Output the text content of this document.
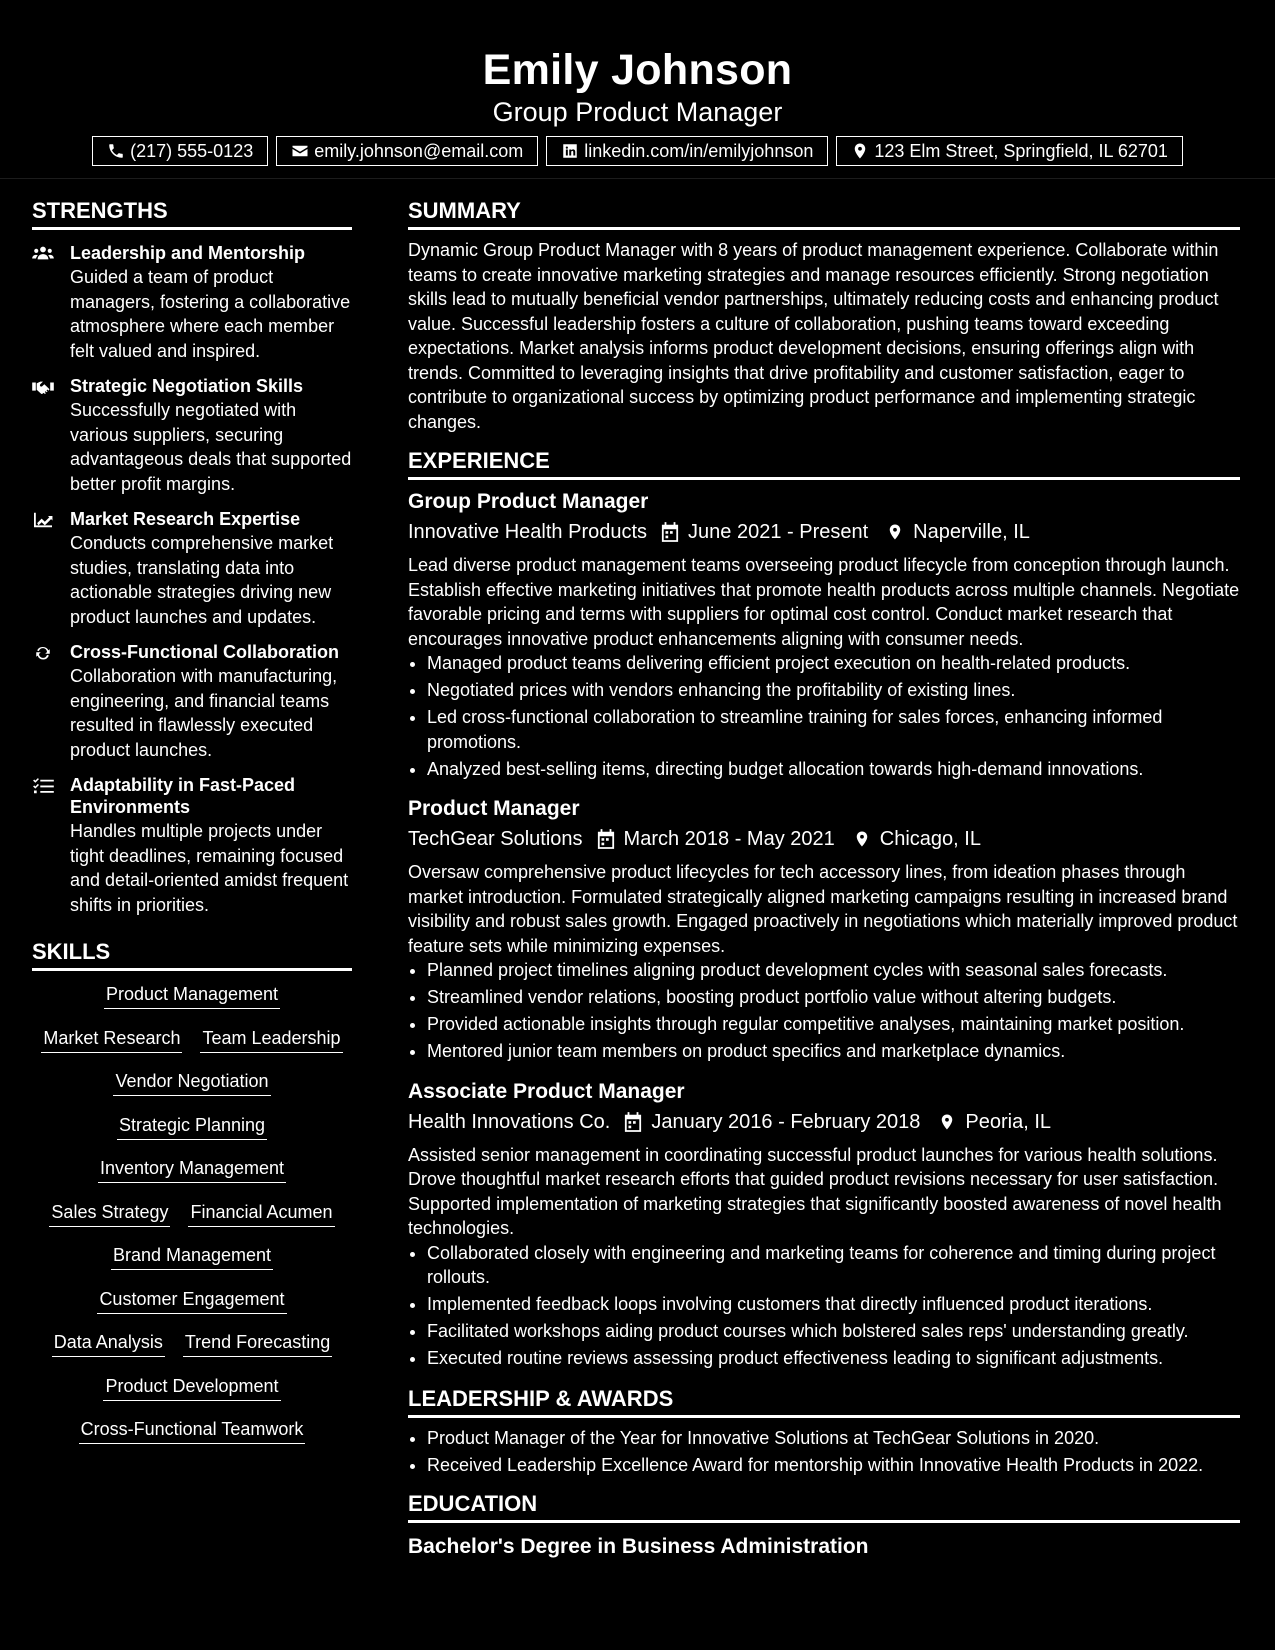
Emily Johnson
Group Product Manager
(217) 555-0123	emily.johnson@email.com	linkedin.com/in/emilyjohnson	123 Elm Street, Springfield, IL 62701
STRENGTHS
Leadership and Mentorship
Guided a team of product managers, fostering a collaborative atmosphere where each member felt valued and inspired.
Strategic Negotiation Skills
Successfully negotiated with various suppliers, securing advantageous deals that supported better profit margins.
Market Research Expertise
Conducts comprehensive market studies, translating data into actionable strategies driving new product launches and updates.
Cross-Functional Collaboration
Collaboration with manufacturing, engineering, and financial teams resulted in flawlessly executed product launches.
Adaptability in Fast-Paced Environments
Handles multiple projects under tight deadlines, remaining focused and detail-oriented amidst frequent shifts in priorities.
SKILLS
Product Management
Market Research Team Leadership
Vendor Negotiation
Strategic Planning
Inventory Management
Sales Strategy Financial Acumen
Brand Management
Customer Engagement
Data Analysis Trend Forecasting
Product Development
Cross-Functional Teamwork
SUMMARY
Dynamic Group Product Manager with 8 years of product management experience. Collaborate within teams to create innovative marketing strategies and manage resources efficiently. Strong negotiation skills lead to mutually beneficial vendor partnerships, ultimately reducing costs and enhancing product value. Successful leadership fosters a culture of collaboration, pushing teams toward exceeding expectations. Market analysis informs product development decisions, ensuring offerings align with trends. Committed to leveraging insights that drive profitability and customer satisfaction, eager to contribute to organizational success by optimizing product performance and implementing strategic changes.
EXPERIENCE
Group Product Manager
Innovative Health Products June 2021 - Present Naperville, IL
Lead diverse product management teams overseeing product lifecycle from conception through launch. Establish effective marketing initiatives that promote health products across multiple channels. Negotiate favorable pricing and terms with suppliers for optimal cost control. Conduct market research that encourages innovative product enhancements aligning with consumer needs.
• Managed product teams delivering efficient project execution on health-related products.
• Negotiated prices with vendors enhancing the profitability of existing lines.
• Led cross-functional collaboration to streamline training for sales forces, enhancing informed promotions.
• Analyzed best-selling items, directing budget allocation towards high-demand innovations.
Product Manager
TechGear Solutions March 2018 - May 2021 Chicago, IL
Oversaw comprehensive product lifecycles for tech accessory lines, from ideation phases through market introduction. Formulated strategically aligned marketing campaigns resulting in increased brand visibility and robust sales growth. Engaged proactively in negotiations which materially improved product feature sets while minimizing expenses.
• Planned project timelines aligning product development cycles with seasonal sales forecasts.
• Streamlined vendor relations, boosting product portfolio value without altering budgets.
• Provided actionable insights through regular competitive analyses, maintaining market position.
• Mentored junior team members on product specifics and marketplace dynamics.
Associate Product Manager
Health Innovations Co. January 2016 - February 2018 Peoria, IL
Assisted senior management in coordinating successful product launches for various health solutions. Drove thoughtful market research efforts that guided product revisions necessary for user satisfaction. Supported implementation of marketing strategies that significantly boosted awareness of novel health technologies.
• Collaborated closely with engineering and marketing teams for coherence and timing during project rollouts.
• Implemented feedback loops involving customers that directly influenced product iterations.
• Facilitated workshops aiding product courses which bolstered sales reps' understanding greatly.
• Executed routine reviews assessing product effectiveness leading to significant adjustments.
LEADERSHIP & AWARDS
• Product Manager of the Year for Innovative Solutions at TechGear Solutions in 2020.
• Received Leadership Excellence Award for mentorship within Innovative Health Products in 2022.
EDUCATION
Bachelor's Degree in Business Administration
